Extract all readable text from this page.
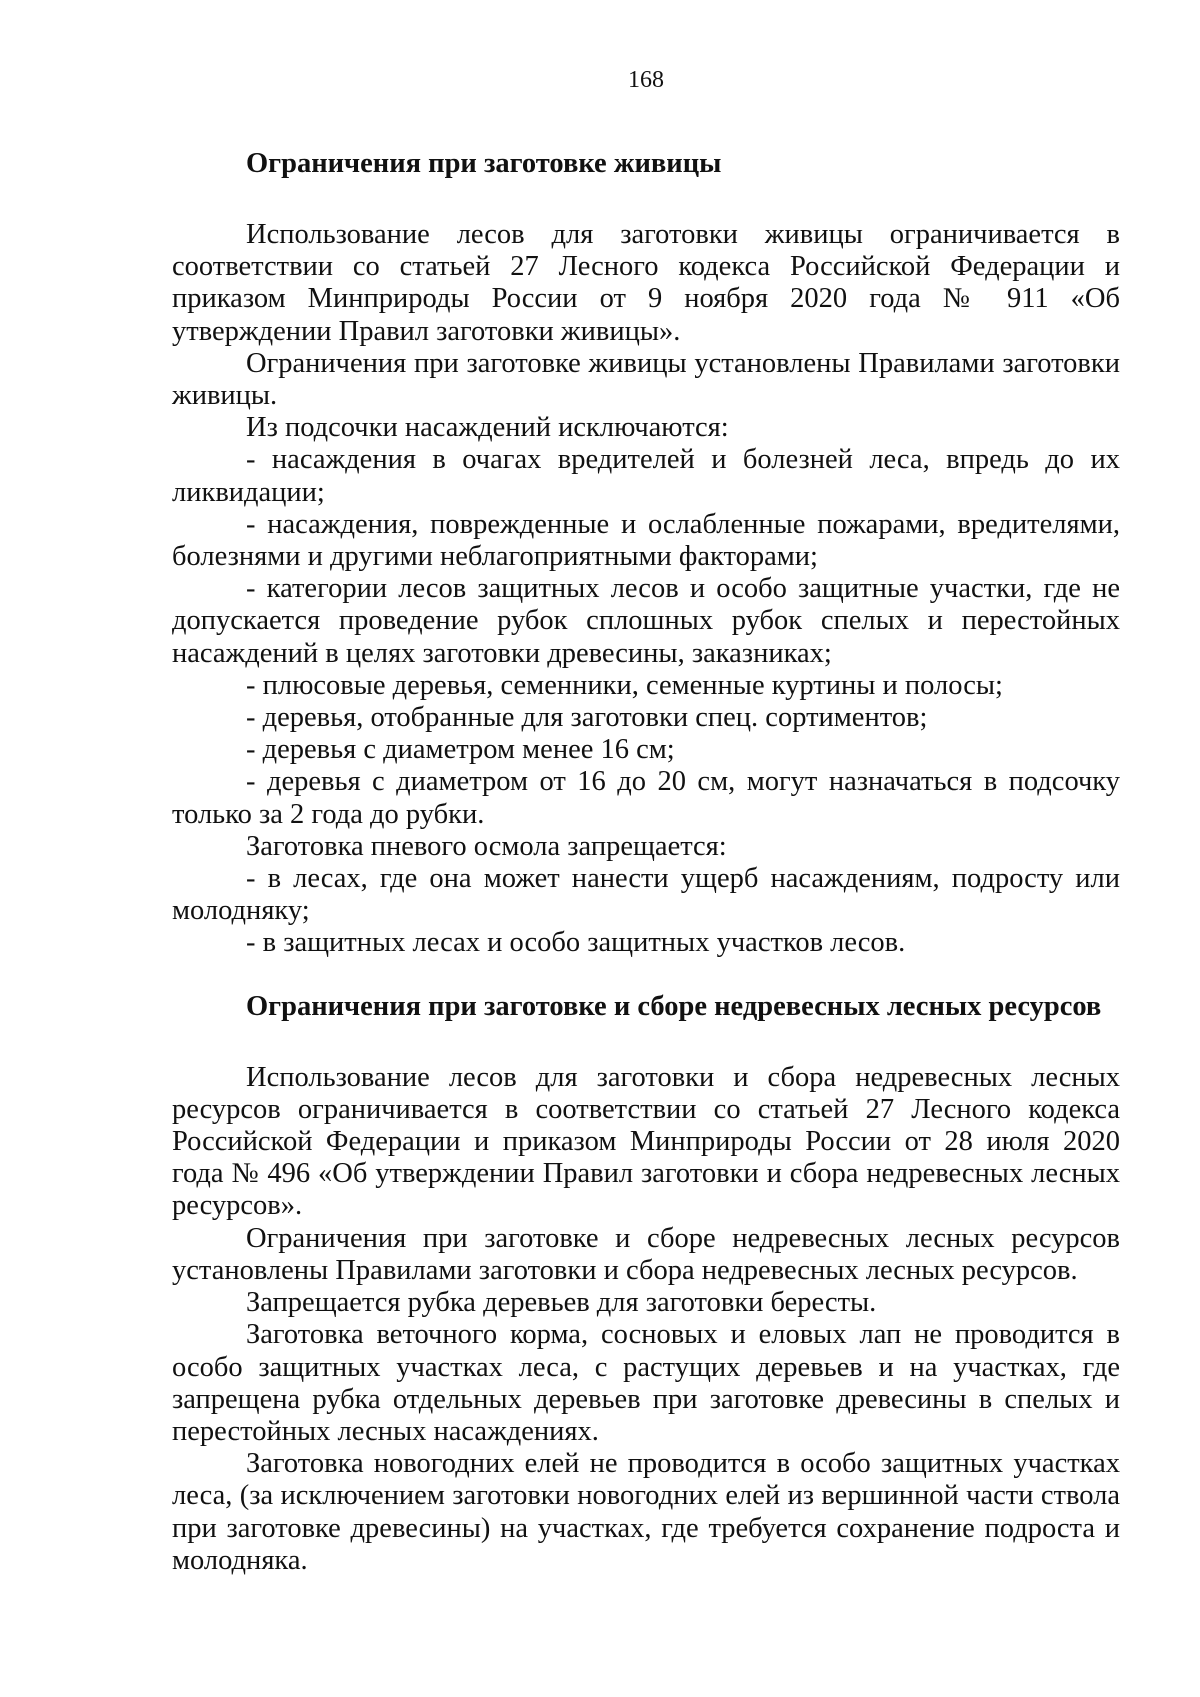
168
Ограничения при заготовке живицы

Использование лесов для заготовки живицы ограничивается в соответствии со статьей 27 Лесного кодекса Российской Федерации и приказом Минприроды России от 9 ноября 2020 года № 911 «Об утверждении Правил заготовки живицы».

Ограничения при заготовке живицы установлены Правилами заготовки живицы.

Из подсочки насаждений исключаются:

- насаждения в очагах вредителей и болезней леса, впредь до их ликвидации;

- насаждения, поврежденные и ослабленные пожарами, вредителями, болезнями и другими неблагоприятными факторами;

- категории лесов защитных лесов и особо защитные участки, где не допускается проведение рубок сплошных рубок спелых и перестойных насаждений в целях заготовки древесины, заказниках;

- плюсовые деревья, семенники, семенные куртины и полосы;

- деревья, отобранные для заготовки спец. сортиментов;

- деревья с диаметром менее 16 см;

- деревья с диаметром от 16 до 20 см, могут назначаться в подсочку только за 2 года до рубки.

Заготовка пневого осмола запрещается:

- в лесах, где она может нанести ущерб насаждениям, подросту или молодняку;

- в защитных лесах и особо защитных участков лесов.

Ограничения при заготовке и сборе недревесных лесных ресурсов

Использование лесов для заготовки и сбора недревесных лесных ресурсов ограничивается в соответствии со статьей 27 Лесного кодекса Российской Федерации и приказом Минприроды России от 28 июля 2020 года № 496 «Об утверждении Правил заготовки и сбора недревесных лесных ресурсов».

Ограничения при заготовке и сборе недревесных лесных ресурсов установлены Правилами заготовки и сбора недревесных лесных ресурсов.

Запрещается рубка деревьев для заготовки бересты.

Заготовка веточного корма, сосновых и еловых лап не проводится в особо защитных участках леса, с растущих деревьев и на участках, где запрещена рубка отдельных деревьев при заготовке древесины в спелых и перестойных лесных насаждениях.

Заготовка новогодних елей не проводится в особо защитных участках леса, (за исключением заготовки новогодних елей из вершинной части ствола при заготовке древесины) на участках, где требуется сохранение подроста и молодняка.
